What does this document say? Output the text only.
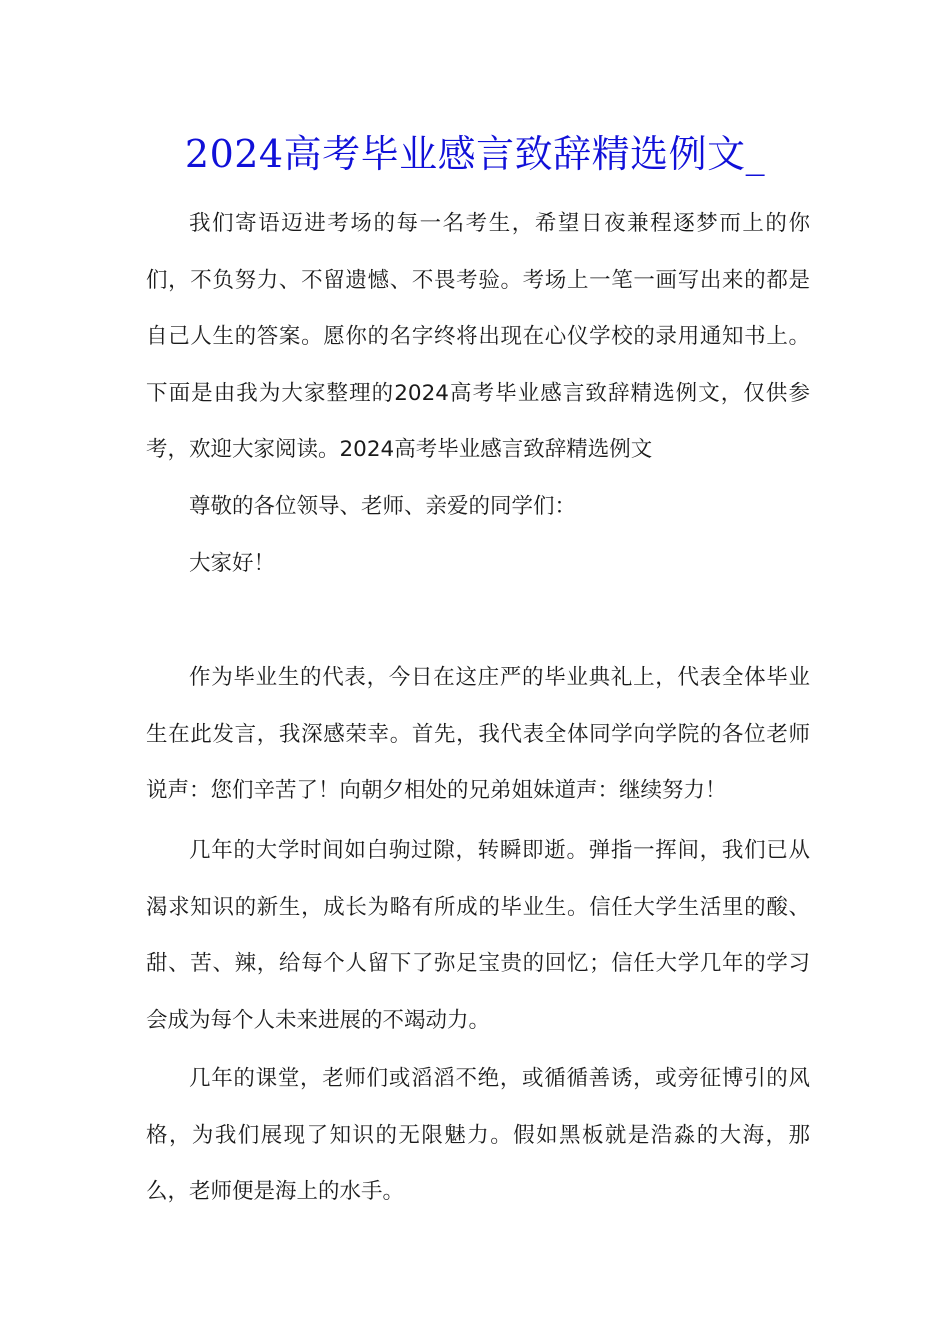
2024高考毕业感言致辞精选例文_

我们寄语迈进考场的每一名考生，希望日夜兼程逐梦而上的你们，不负努力、不留遗憾、不畏考验。考场上一笔一画写出来的都是自己人生的答案。愿你的名字终将出现在心仪学校的录用通知书上。下面是由我为大家整理的2024高考毕业感言致辞精选例文，仅供参考，欢迎大家阅读。2024高考毕业感言致辞精选例文

尊敬的各位领导、老师、亲爱的同学们：

大家好！

作为毕业生的代表，今日在这庄严的毕业典礼上，代表全体毕业生在此发言，我深感荣幸。首先，我代表全体同学向学院的各位老师说声：您们辛苦了！向朝夕相处的兄弟姐妹道声：继续努力！

几年的大学时间如白驹过隙，转瞬即逝。弹指一挥间，我们已从渴求知识的新生，成长为略有所成的毕业生。信任大学生活里的酸、甜、苦、辣，给每个人留下了弥足宝贵的回忆；信任大学几年的学习会成为每个人未来进展的不竭动力。

几年的课堂，老师们或滔滔不绝，或循循善诱，或旁征博引的风格，为我们展现了知识的无限魅力。假如黑板就是浩淼的大海，那么，老师便是海上的水手。
